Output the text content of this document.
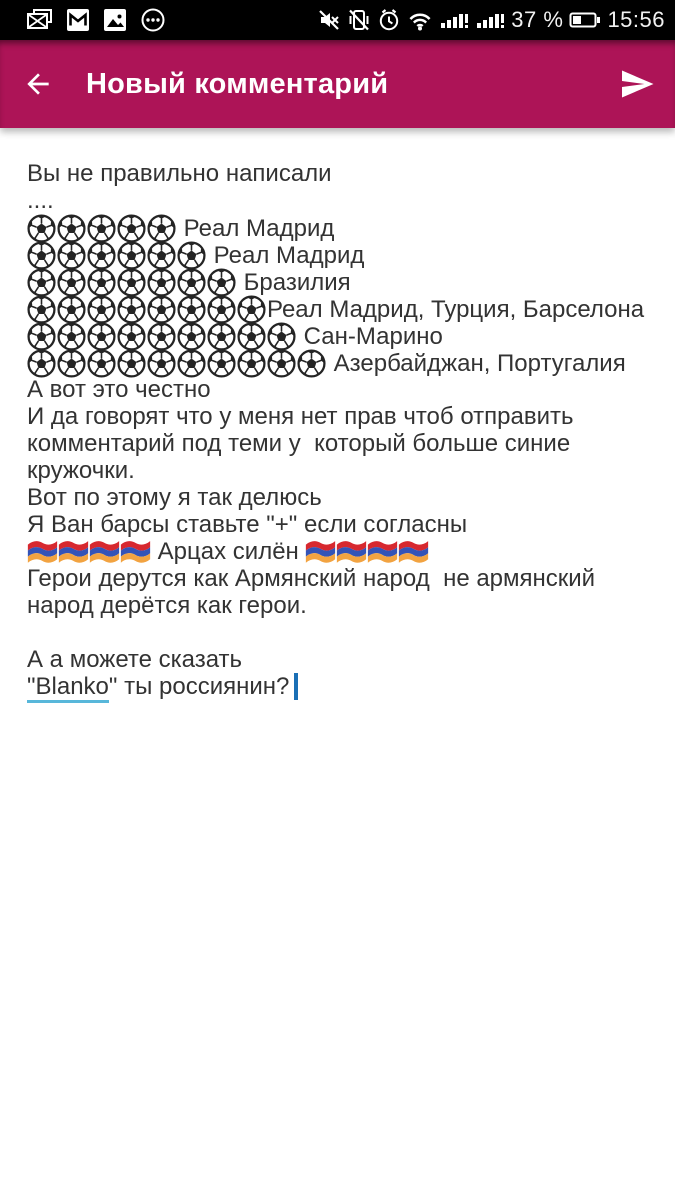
37 % 15:56
Новый комментарий
Вы не правильно написали
....
Реал Мадрид
Реал Мадрид
Бразилия
Реал Мадрид, Турция, Барселона
Сан-Марино
Азербайджан, Португалия
А вот это честно
И да говорят что у меня нет прав чтоб отправить
комментарий под теми у  который больше синие
кружочки.
Вот по этому я так делюсь
Я Ван барсы ставьте "+" если согласны
Арцах силён
Герои дерутся как Армянский народ  не армянский
народ дерётся как герои.

А а можете сказать
"Blanko" ты россиянин?
